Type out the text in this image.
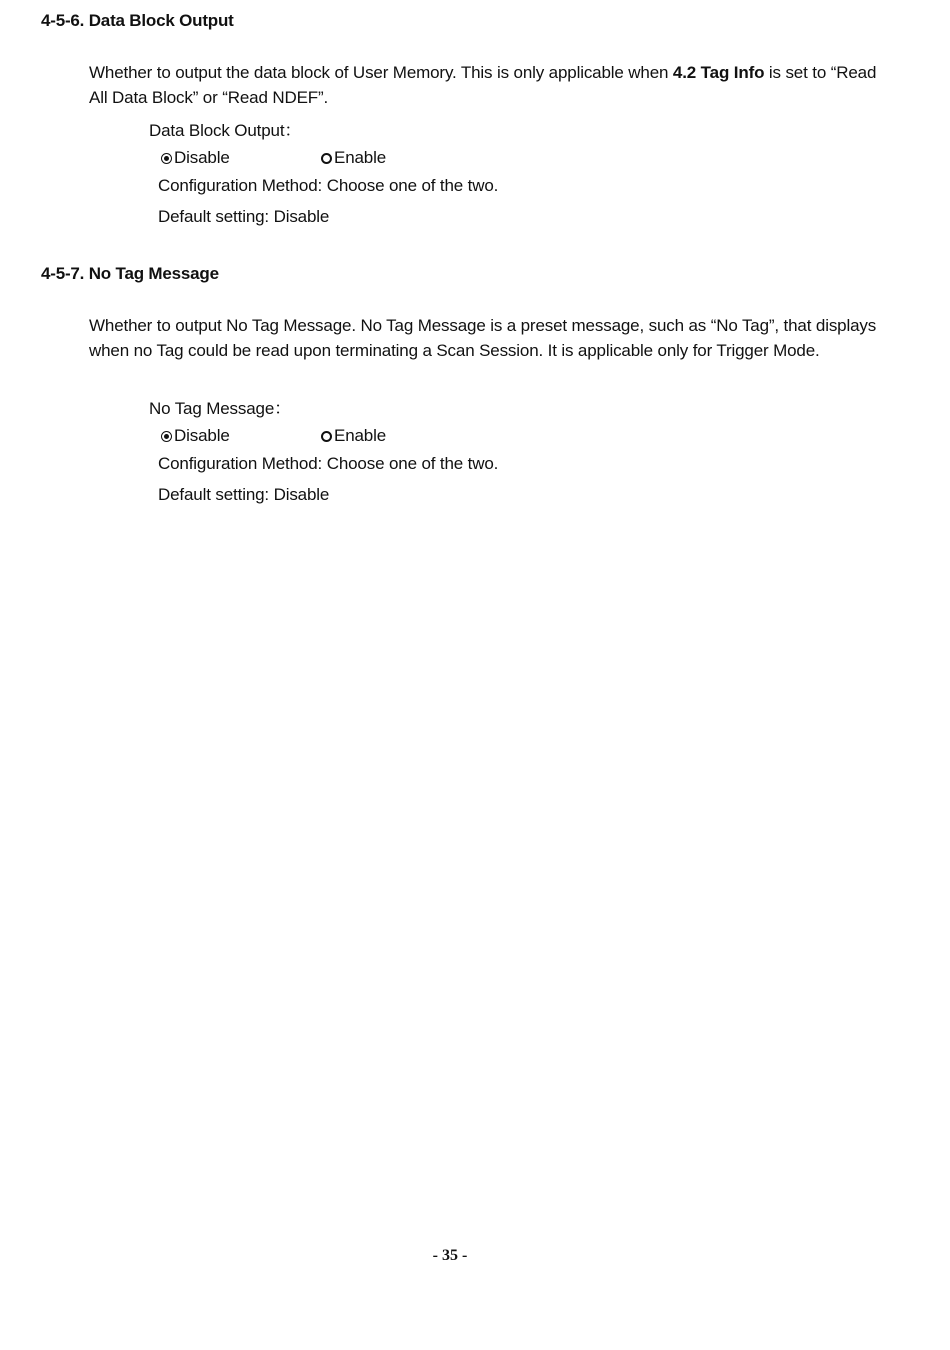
4-5-6. Data Block Output
Whether to output the data block of User Memory. This is only applicable when 4.2 Tag Info is set to “Read All Data Block” or “Read NDEF”.
Data Block Output：
Disable	Enable
Configuration Method: Choose one of the two.
Default setting: Disable
4-5-7. No Tag Message
Whether to output No Tag Message. No Tag Message is a preset message, such as “No Tag”, that displays when no Tag could be read upon terminating a Scan Session. It is applicable only for Trigger Mode.
No Tag Message：
Disable	Enable
Configuration Method: Choose one of the two.
Default setting: Disable
- 35 -
